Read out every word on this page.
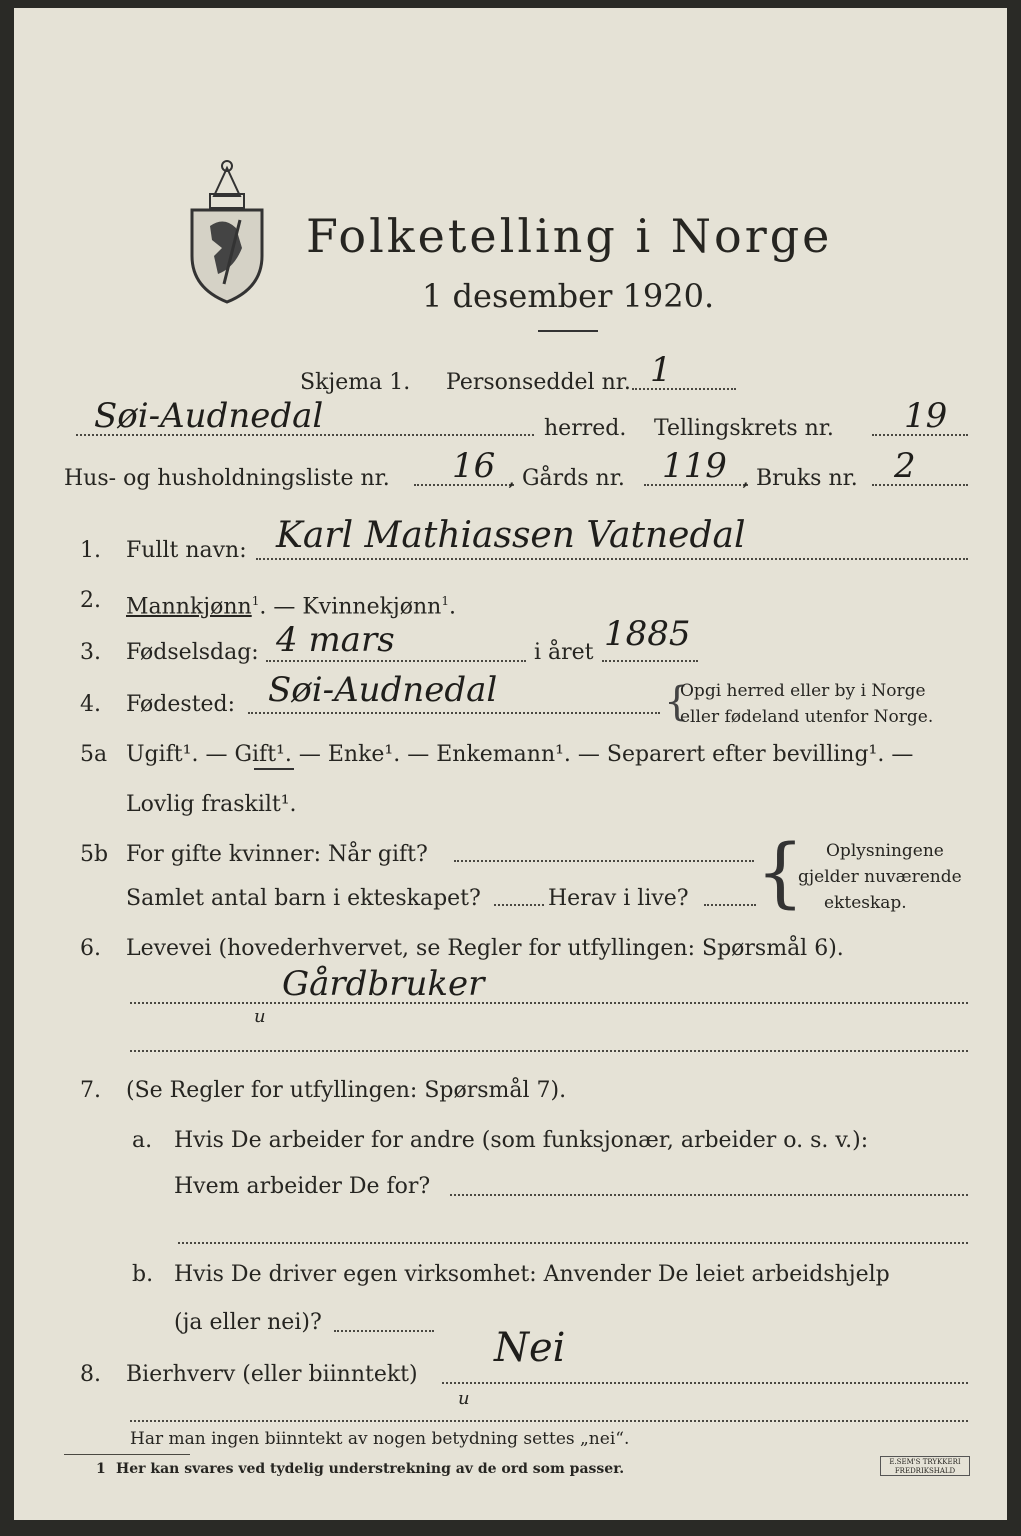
Folketelling i Norge
1 desember 1920.
Skjema 1. Personseddel nr. 1
Søi-Audnedal	herred. Tellingskrets nr. 19
Hus- og husholdningsliste nr. 16 , Gårds nr. 119 , Bruks nr. 2
1. Fullt navn: Karl Mathiassen Vatnedal
2. Mannkjønn$^1$. — Kvinnekjønn$^1$.
3. Fødselsdag: 4 mars	i året 1885
4. Fødested: Søi-Audnedal	{
Opgi herred eller by i Norge
eller fødeland utenfor Norge.
5a Ugift¹. — Gift¹. — Enke¹. — Enkemann¹. — Separert efter bevilling¹. —
Lovlig fraskilt¹.
5b For gifte kvinner: Når gift?
Samlet antal barn i ekteskapet?	Herav i live? { Oplysningene
gjelder nuværende
ekteskap.
6. Levevei (hovederhvervet, se Regler for utfyllingen: Spørsmål 6).
Gårdbruker
u
7. (Se Regler for utfyllingen: Spørsmål 7).
a. Hvis De arbeider for andre (som funksjonær, arbeider o. s. v.):
Hvem arbeider De for?
b. Hvis De driver egen virksomhet: Anvender De leiet arbeidshjelp
(ja eller nei)?
8. Bierhverv (eller biinntekt)
Nei
u
Har man ingen biinntekt av nogen betydning settes „nei“.
1 Her kan svares ved tydelig understrekning av de ord som passer.	E.SEM'S TRYKKERI FREDRIKSHALD
